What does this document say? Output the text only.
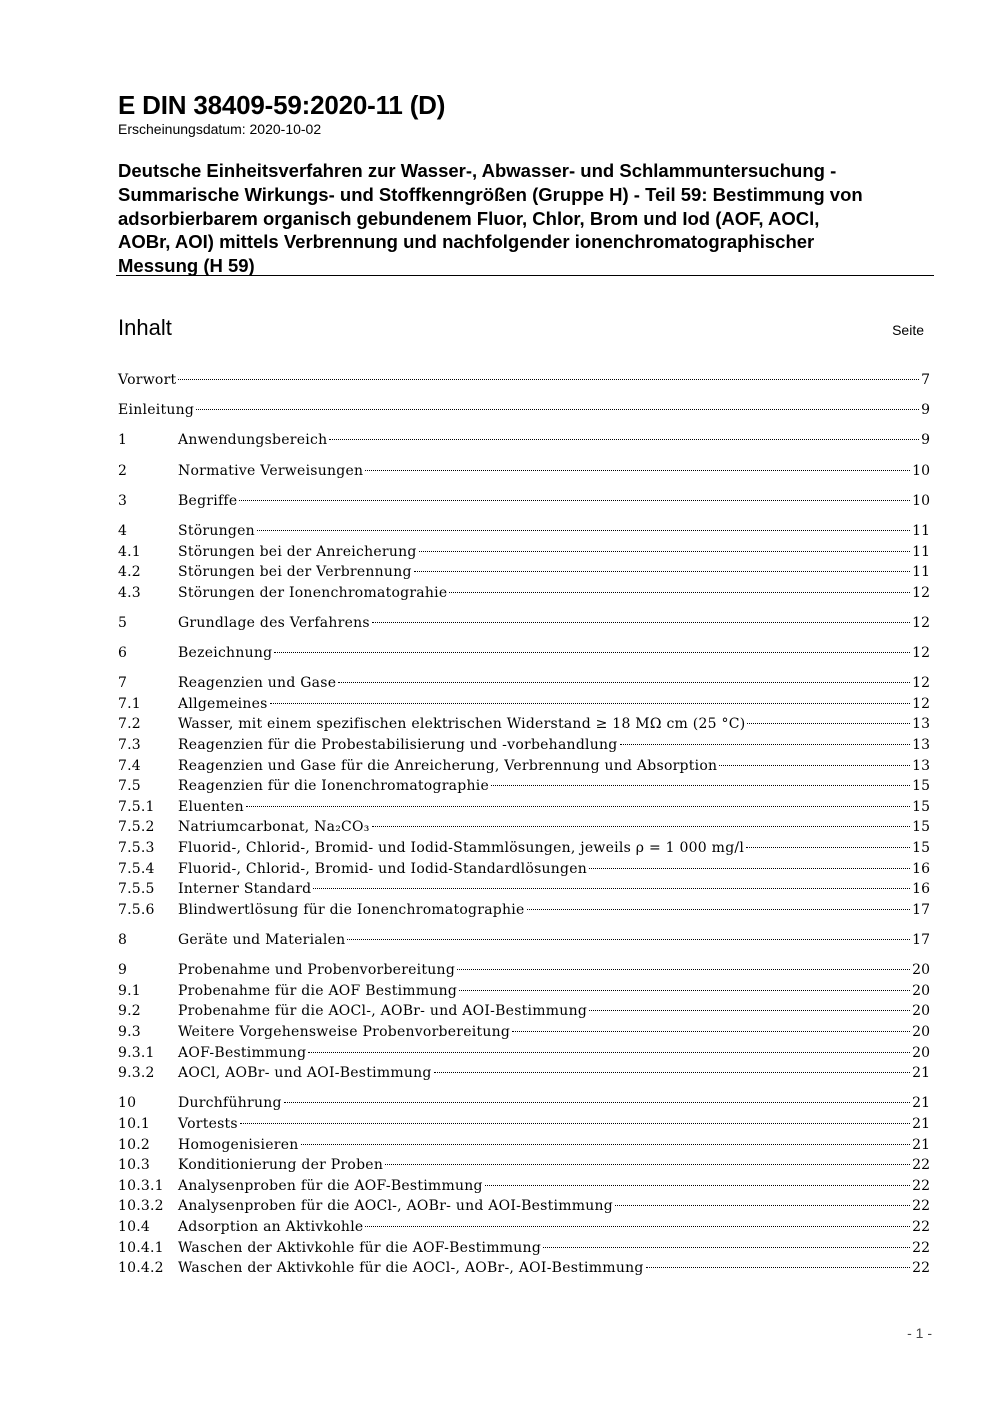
E DIN 38409-59:2020-11 (D)
Erscheinungsdatum: 2020-10-02
Deutsche Einheitsverfahren zur Wasser-, Abwasser- und Schlammuntersuchung -
Summarische Wirkungs- und Stoffkenngrößen (Gruppe H) - Teil 59: Bestimmung von
adsorbierbarem organisch gebundenem Fluor, Chlor, Brom und Iod (AOF, AOCl,
AOBr, AOI) mittels Verbrennung und nachfolgender ionenchromatographischer
Messung (H 59)
Inhalt	Seite
Vorwort	7
Einleitung	9
1	Anwendungsbereich	9
2	Normative Verweisungen	10
3	Begriffe	10
4	Störungen	11
4.1	Störungen bei der Anreicherung	11
4.2	Störungen bei der Verbrennung	11
4.3	Störungen der Ionenchromatograhie	12
5	Grundlage des Verfahrens	12
6	Bezeichnung	12
7	Reagenzien und Gase	12
7.1	Allgemeines	12
7.2	Wasser, mit einem spezifischen elektrischen Widerstand ≥ 18 MΩ cm (25 °C)	13
7.3	Reagenzien für die Probestabilisierung und -vorbehandlung	13
7.4	Reagenzien und Gase für die Anreicherung, Verbrennung und Absorption	13
7.5	Reagenzien für die Ionenchromatographie	15
7.5.1	Eluenten	15
7.5.2	Natriumcarbonat, Na₂CO₃	15
7.5.3	Fluorid-, Chlorid-, Bromid- und Iodid-Stammlösungen, jeweils ρ = 1 000 mg/l	15
7.5.4	Fluorid-, Chlorid-, Bromid- und Iodid-Standardlösungen	16
7.5.5	Interner Standard	16
7.5.6	Blindwertlösung für die Ionenchromatographie	17
8	Geräte und Materialen	17
9	Probenahme und Probenvorbereitung	20
9.1	Probenahme für die AOF Bestimmung	20
9.2	Probenahme für die AOCl-, AOBr- und AOI-Bestimmung	20
9.3	Weitere Vorgehensweise Probenvorbereitung	20
9.3.1	AOF-Bestimmung	20
9.3.2	AOCl, AOBr- und AOI-Bestimmung	21
10	Durchführung	21
10.1	Vortests	21
10.2	Homogenisieren	21
10.3	Konditionierung der Proben	22
10.3.1	Analysenproben für die AOF-Bestimmung	22
10.3.2	Analysenproben für die AOCl-, AOBr- und AOI-Bestimmung	22
10.4	Adsorption an Aktivkohle	22
10.4.1	Waschen der Aktivkohle für die AOF-Bestimmung	22
10.4.2	Waschen der Aktivkohle für die AOCl-, AOBr-, AOI-Bestimmung	22
- 1 -
